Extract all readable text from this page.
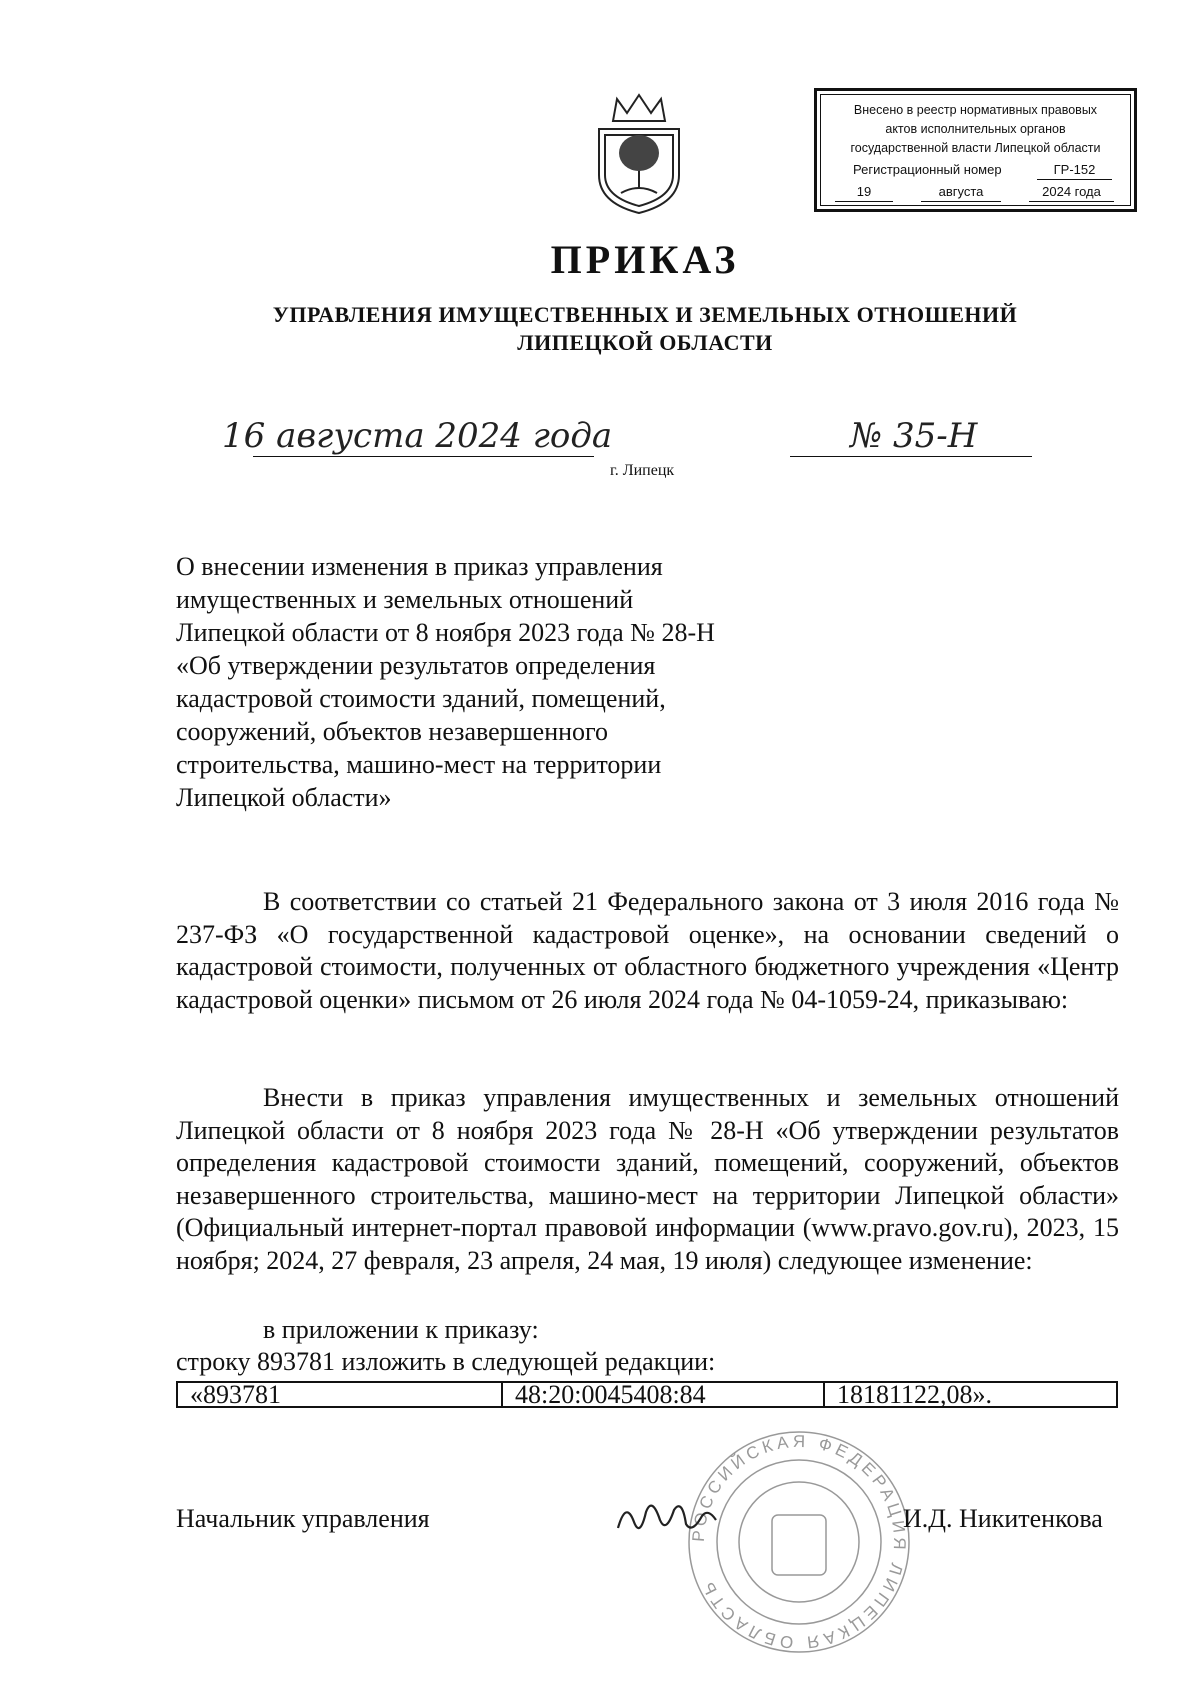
Внесено в реестр нормативных правовых
актов исполнительных органов
государственной власти Липецкой области
Регистрационный номер	ГР-152
19	августа	2024 года
ПРИКАЗ
УПРАВЛЕНИЯ ИМУЩЕСТВЕННЫХ И ЗЕМЕЛЬНЫХ ОТНОШЕНИЙ
ЛИПЕЦКОЙ ОБЛАСТИ
16 августа 2024 года	№ 35-Н
г. Липецк
О внесении изменения в приказ управления
имущественных и земельных отношений
Липецкой области от 8 ноября 2023 года № 28-Н
«Об утверждении результатов определения
кадастровой стоимости зданий, помещений,
сооружений, объектов незавершенного
строительства, машино-мест на территории
Липецкой области»
В соответствии со статьей 21 Федерального закона от 3 июля 2016 года № 237-ФЗ «О государственной кадастровой оценке», на основании сведений о кадастровой стоимости, полученных от областного бюджетного учреждения «Центр кадастровой оценки» письмом от 26 июля 2024 года № 04-1059-24, приказываю:
Внести в приказ управления имущественных и земельных отношений Липецкой области от 8 ноября 2023 года № 28-Н «Об утверждении результатов определения кадастровой стоимости зданий, помещений, сооружений, объектов незавершенного строительства, машино-мест на территории Липецкой области» (Официальный интернет-портал правовой информации (www.pravo.gov.ru), 2023, 15 ноября; 2024, 27 февраля, 23 апреля, 24 мая, 19 июля) следующее изменение:
в приложении к приказу:
строку 893781 изложить в следующей редакции:
«893781	48:20:0045408:84	18181122,08».
РОССИЙСКАЯ ФЕДЕРАЦИЯ ЛИПЕЦКАЯ ОБЛАСТЬ
Начальник управления	И.Д. Никитенкова
